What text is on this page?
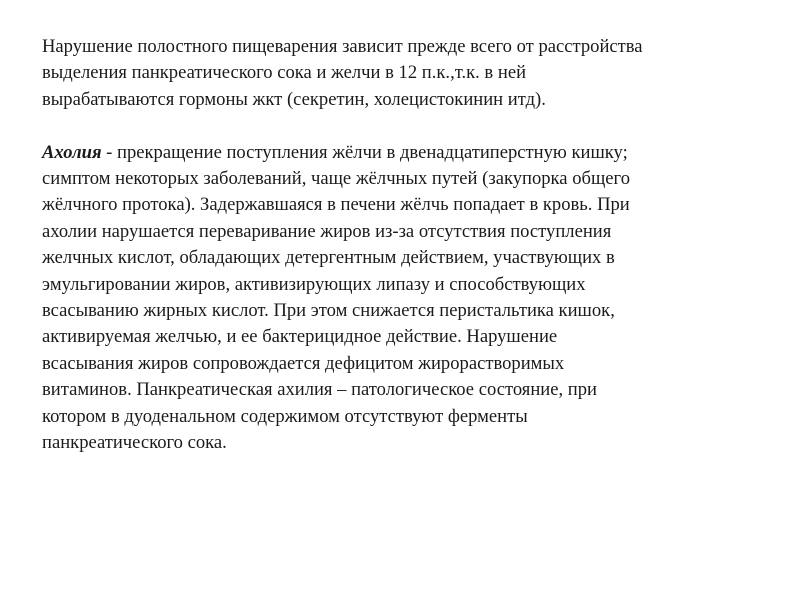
Нарушение полостного пищеварения зависит прежде всего от расстройства
выделения панкреатического сока и желчи в 12 п.к.,т.к. в ней
вырабатываются гормоны жкт (секретин, холецистокинин итд).

Ахолия - прекращение поступления жёлчи в двенадцатиперстную кишку;
симптом некоторых заболеваний, чаще жёлчных путей (закупорка общего
жёлчного протока). Задержавшаяся в печени жёлчь попадает в кровь. При
ахолии нарушается переваривание жиров из-за отсутствия поступления
желчных кислот, обладающих детергентным действием, участвующих в
эмульгировании жиров, активизирующих липазу и способствующих
всасыванию жирных кислот. При этом снижается перистальтика кишок,
активируемая желчью, и ее бактерицидное действие. Нарушение
всасывания жиров сопровождается дефицитом жирорастворимых
витаминов. Панкреатическая ахилия – патологическое состояние, при
котором в дуоденальном содержимом отсутствуют ферменты
панкреатического сока.
